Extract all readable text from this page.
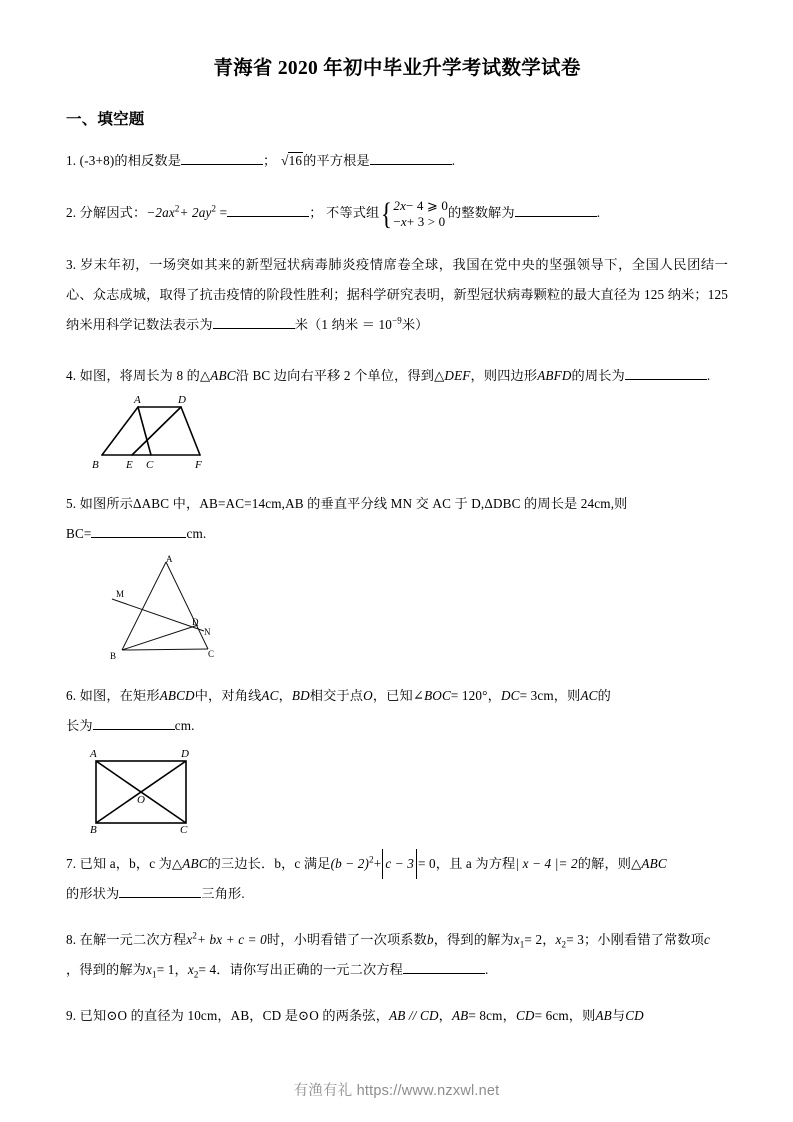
青海省 2020 年初中毕业升学考试数学试卷
一、填空题
1. (-3+8)的相反数是	； √16的平方根是	.
2. 分解因式：$-2ax^2+ 2ay^2$ =	； 不等式组 { 2x− 4 ⩾ 0
−x+ 3 > 0
的整数解为	.
3. 岁末年初，一场突如其来的新型冠状病毒肺炎疫情席卷全球，我国在党中央的坚强领导下，全国人民团结一心、众志成城，取得了抗击疫情的阶段性胜利；据科学研究表明，新型冠状病毒颗粒的最大直径为 125 纳米；125 纳米用科学记数法表示为	米（1 纳米 ＝ $10^{-9}$米）
4. 如图，将周长为 8 的△ABC沿 BC 边向右平移 2 个单位，得到△DEF，则四边形ABFD的周长为	.
A	D
B E C	F
5. 如图所示ΔABC 中，AB=AC=14cm,AB 的垂直平分线 MN 交 AC 于 D,ΔDBC 的周长是 24cm,则
BC=	cm.
A
M
D
N
B	C
6. 如图，在矩形ABCD中，对角线AC，BD相交于点O，已知∠BOC= 120°，DC= 3cm，则AC的
长为	cm.
A	D
O
B	C
7. 已知 a，b，c 为△ABC的三边长．b，c 满足$(b - 2)^2+ c - 3 = 0$，且 a 为方程| x − 4 |= 2的解，则△ABC
的形状为	三角形.
8. 在解一元二次方程$x^2+$ bx + c = 0时，小明看错了一次项系数b，得到的解为$x_1= 2$，$x_2= 3$；小刚看错了常数项c
，得到的解为$x_1= 1$，$x_2= 4$．请你写出正确的一元二次方程	.
9. 已知⊙O 的直径为 10cm，AB，CD 是⊙O 的两条弦，AB // CD，AB= 8cm，CD= 6cm，则AB与CD
有渔有礼 https://www.nzxwl.net
